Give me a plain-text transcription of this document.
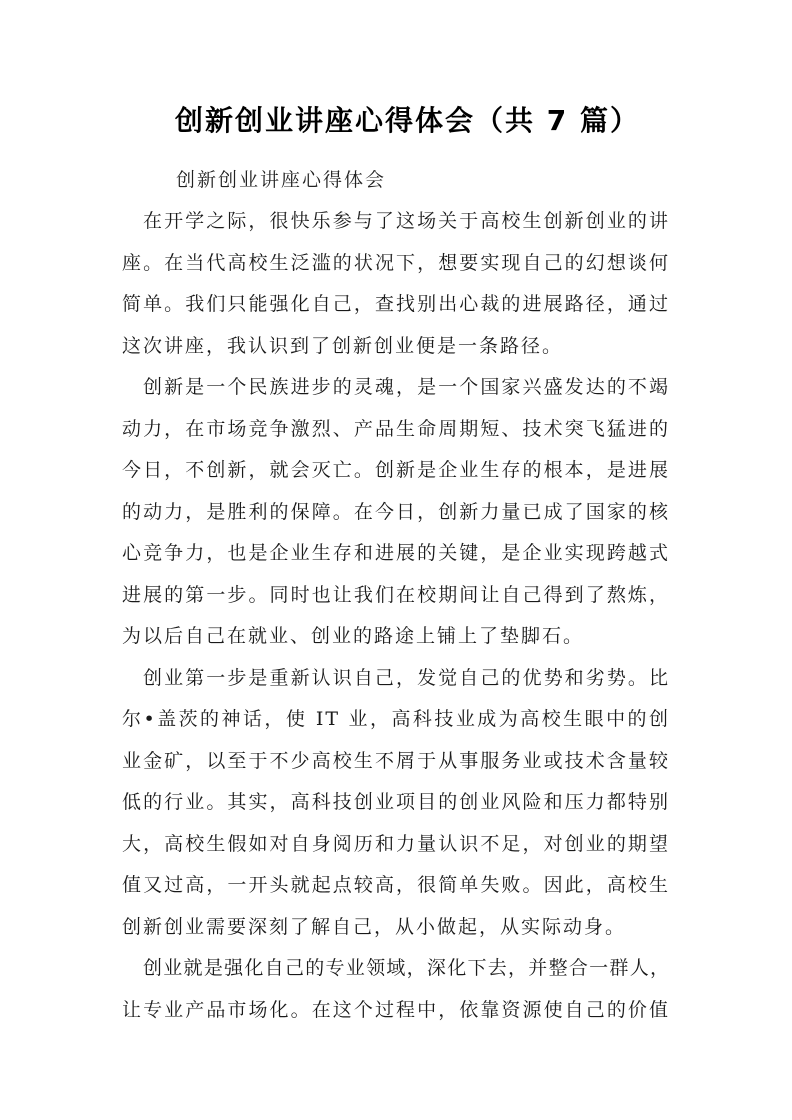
创新创业讲座心得体会（共 7 篇）
创新创业讲座心得体会
在开学之际，很快乐参与了这场关于高校生创新创业的讲
座。在当代高校生泛滥的状况下，想要实现自己的幻想谈何
简单。我们只能强化自己，查找别出心裁的进展路径，通过
这次讲座，我认识到了创新创业便是一条路径。
创新是一个民族进步的灵魂，是一个国家兴盛发达的不竭
动力，在市场竞争激烈、产品生命周期短、技术突飞猛进的
今日，不创新，就会灭亡。创新是企业生存的根本，是进展
的动力，是胜利的保障。在今日，创新力量已成了国家的核
心竞争力，也是企业生存和进展的关键，是企业实现跨越式
进展的第一步。同时也让我们在校期间让自己得到了熬炼，
为以后自己在就业、创业的路途上铺上了垫脚石。
创业第一步是重新认识自己，发觉自己的优势和劣势。比
尔•盖茨的神话，使 IT 业，高科技业成为高校生眼中的创
业金矿，以至于不少高校生不屑于从事服务业或技术含量较
低的行业。其实，高科技创业项目的创业风险和压力都特别
大，高校生假如对自身阅历和力量认识不足，对创业的期望
值又过高，一开头就起点较高，很简单失败。因此，高校生
创新创业需要深刻了解自己，从小做起，从实际动身。
创业就是强化自己的专业领域，深化下去，并整合一群人，
让专业产品市场化。在这个过程中，依靠资源使自己的价值
